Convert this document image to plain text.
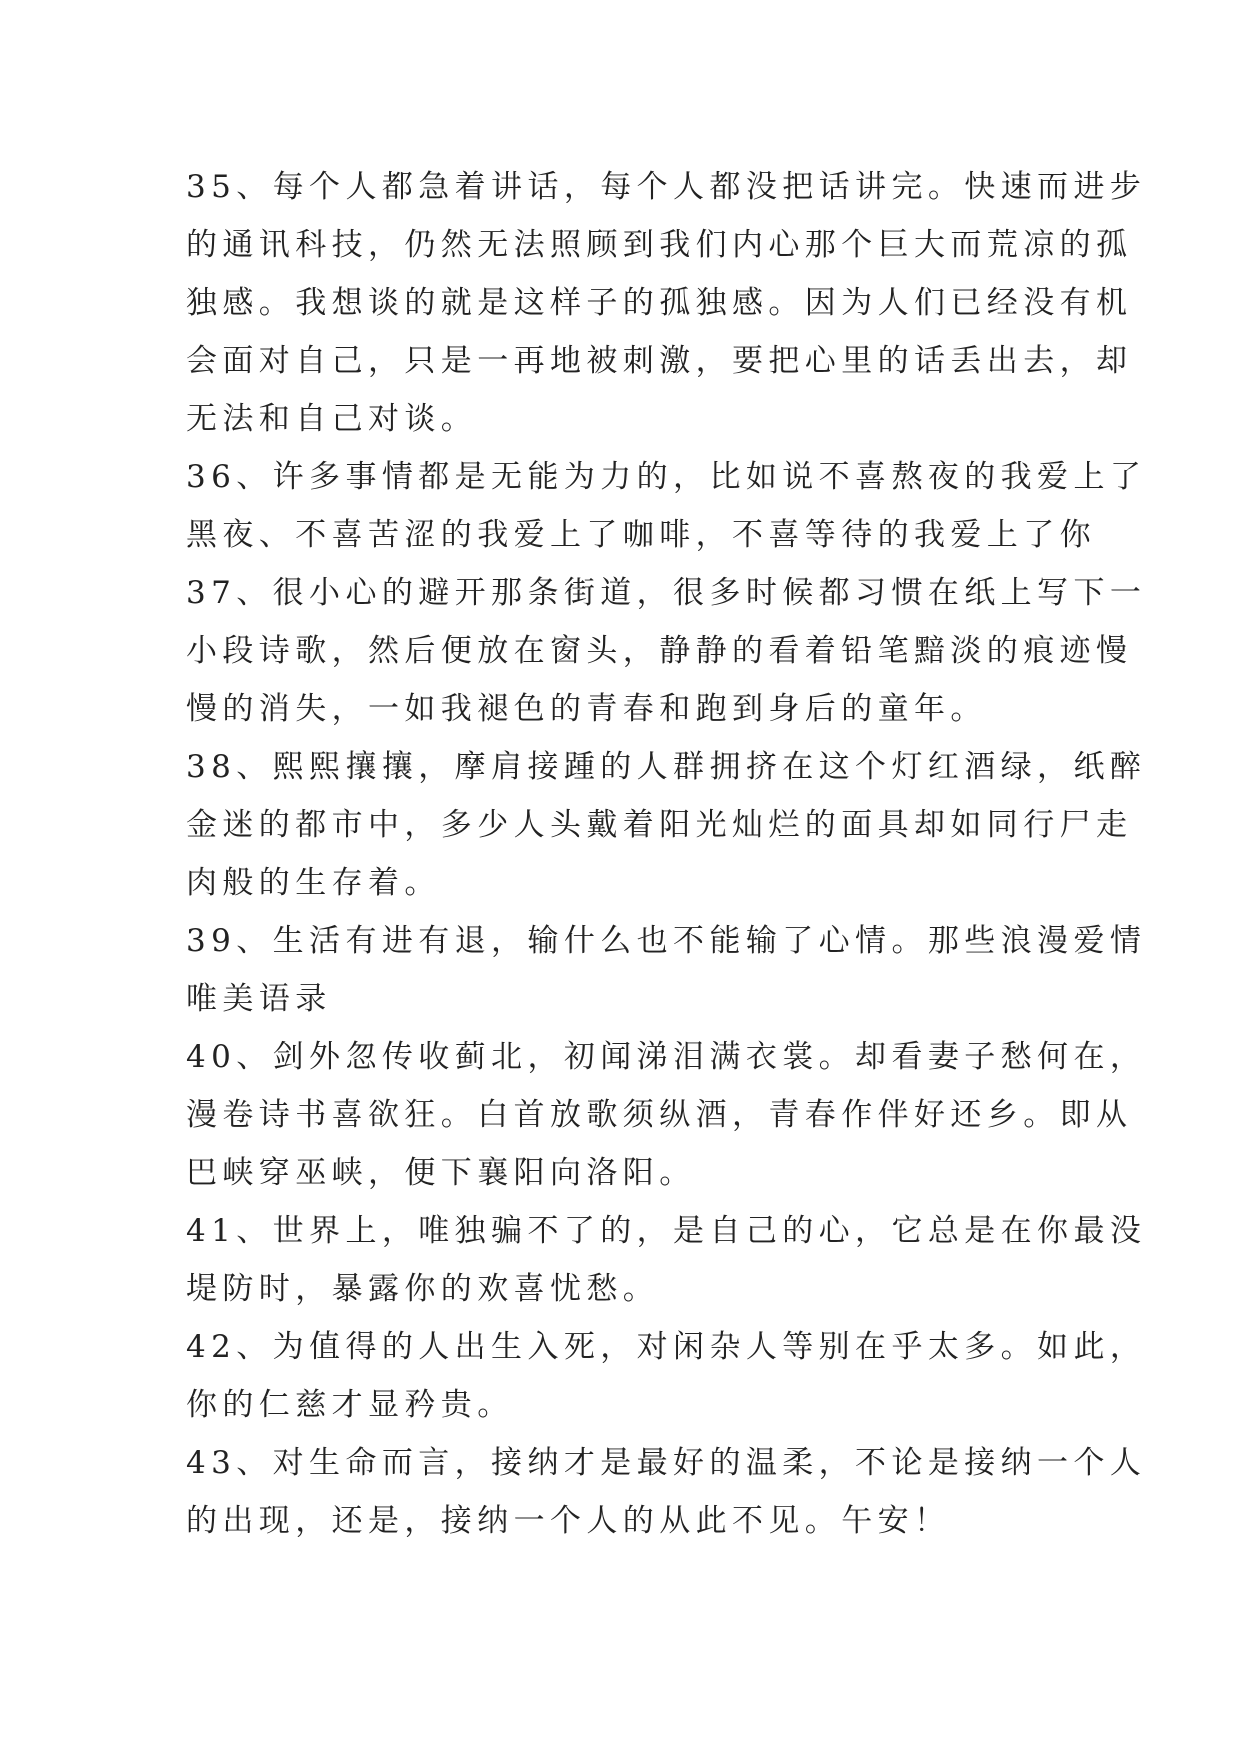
35、每个人都急着讲话，每个人都没把话讲完。快速而进步
的通讯科技，仍然无法照顾到我们内心那个巨大而荒凉的孤
独感。我想谈的就是这样子的孤独感。因为人们已经没有机
会面对自己，只是一再地被刺激，要把心里的话丢出去，却
无法和自己对谈。
36、许多事情都是无能为力的，比如说不喜熬夜的我爱上了
黑夜、不喜苦涩的我爱上了咖啡，不喜等待的我爱上了你
37、很小心的避开那条街道，很多时候都习惯在纸上写下一
小段诗歌，然后便放在窗头，静静的看着铅笔黯淡的痕迹慢
慢的消失，一如我褪色的青春和跑到身后的童年。
38、熙熙攘攘，摩肩接踵的人群拥挤在这个灯红酒绿，纸醉
金迷的都市中，多少人头戴着阳光灿烂的面具却如同行尸走
肉般的生存着。
39、生活有进有退，输什么也不能输了心情。那些浪漫爱情
唯美语录
40、剑外忽传收蓟北，初闻涕泪满衣裳。却看妻子愁何在，
漫卷诗书喜欲狂。白首放歌须纵酒，青春作伴好还乡。即从
巴峡穿巫峡，便下襄阳向洛阳。
41、世界上，唯独骗不了的，是自己的心，它总是在你最没
堤防时，暴露你的欢喜忧愁。
42、为值得的人出生入死，对闲杂人等别在乎太多。如此，
你的仁慈才显矜贵。
43、对生命而言，接纳才是最好的温柔，不论是接纳一个人
的出现，还是，接纳一个人的从此不见。午安！
